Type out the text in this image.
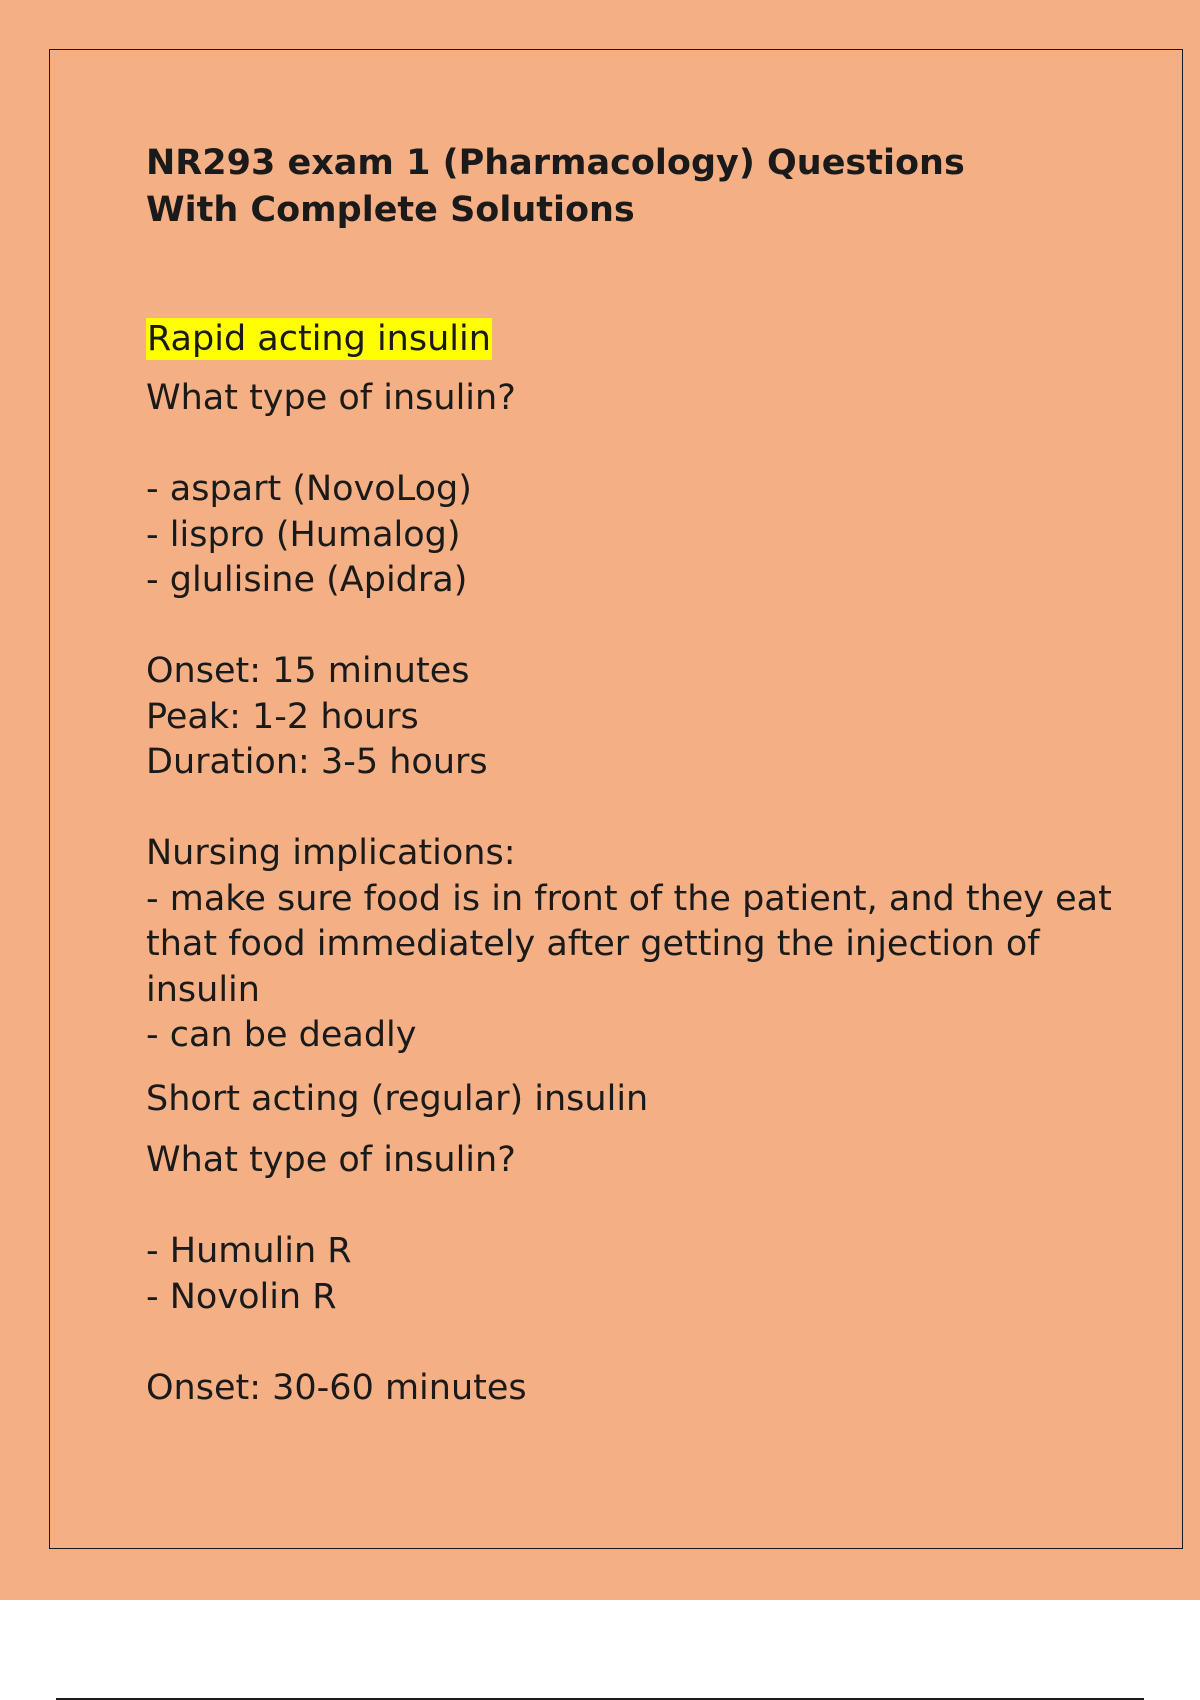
NR293 exam 1 (Pharmacology) Questions
With Complete Solutions
Rapid acting insulin

What type of insulin?

- aspart (NovoLog)
- lispro (Humalog)
- glulisine (Apidra)

Onset: 15 minutes
Peak: 1-2 hours
Duration: 3-5 hours

Nursing implications:
- make sure food is in front of the patient, and they eat that food immediately after getting the injection of insulin
- can be deadly

Short acting (regular) insulin

What type of insulin?

- Humulin R
- Novolin R

Onset: 30-60 minutes
